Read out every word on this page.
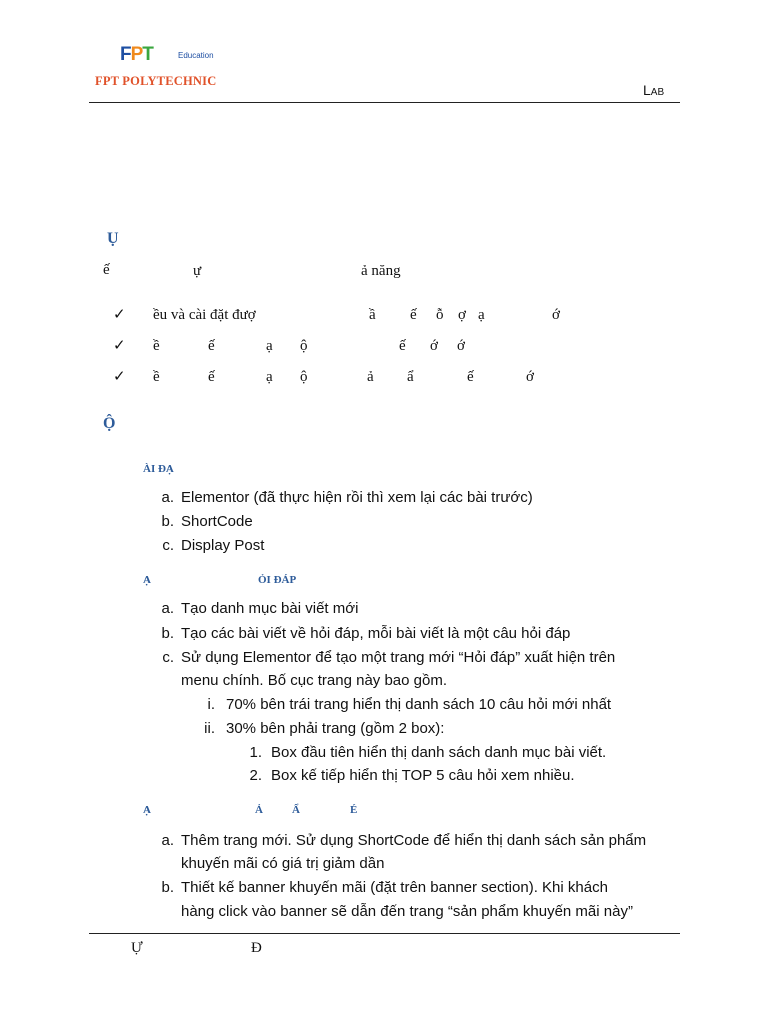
FPT	Education
FPT POLYTECHNIC
Lab
Ụ
ế	ự	ả năng
✓ ều và cài đặt đượ	ầ ế ỗ ợ ạ	ớ
✓ ề	ế	ạ ộ	ế ớ ớ
✓ ề	ế	ạ ộ	ả ẩ	ế	ớ
Ộ
ÀI ĐẠ
a. Elementor (đã thực hiện rồi thì xem lại các bài trước)
b. ShortCode
c. Display Post
Ạ	ỎI ĐÁP
a. Tạo danh mục bài viết mới
b. Tạo các bài viết về hỏi đáp, mỗi bài viết là một câu hỏi đáp
c. Sử dụng Elementor để tạo một trang mới “Hỏi đáp” xuất hiện trên
menu chính. Bố cục trang này bao gồm.
i. 70% bên trái trang hiển thị danh sách 10 câu hỏi mới nhất
ii. 30% bên phải trang (gồm 2 box):
1. Box đầu tiên hiển thị danh sách danh mục bài viết.
2. Box kế tiếp hiển thị TOP 5 câu hỏi xem nhiều.
Ạ	Ả	Ẩ	É
a. Thêm trang mới. Sử dụng ShortCode để hiển thị danh sách sản phẩm
khuyến mãi có giá trị giảm dần
b. Thiết kế banner khuyến mãi (đặt trên banner section). Khi khách
hàng click vào banner sẽ dẫn đến trang “sản phẩm khuyến mãi này”
Ự	Đ
